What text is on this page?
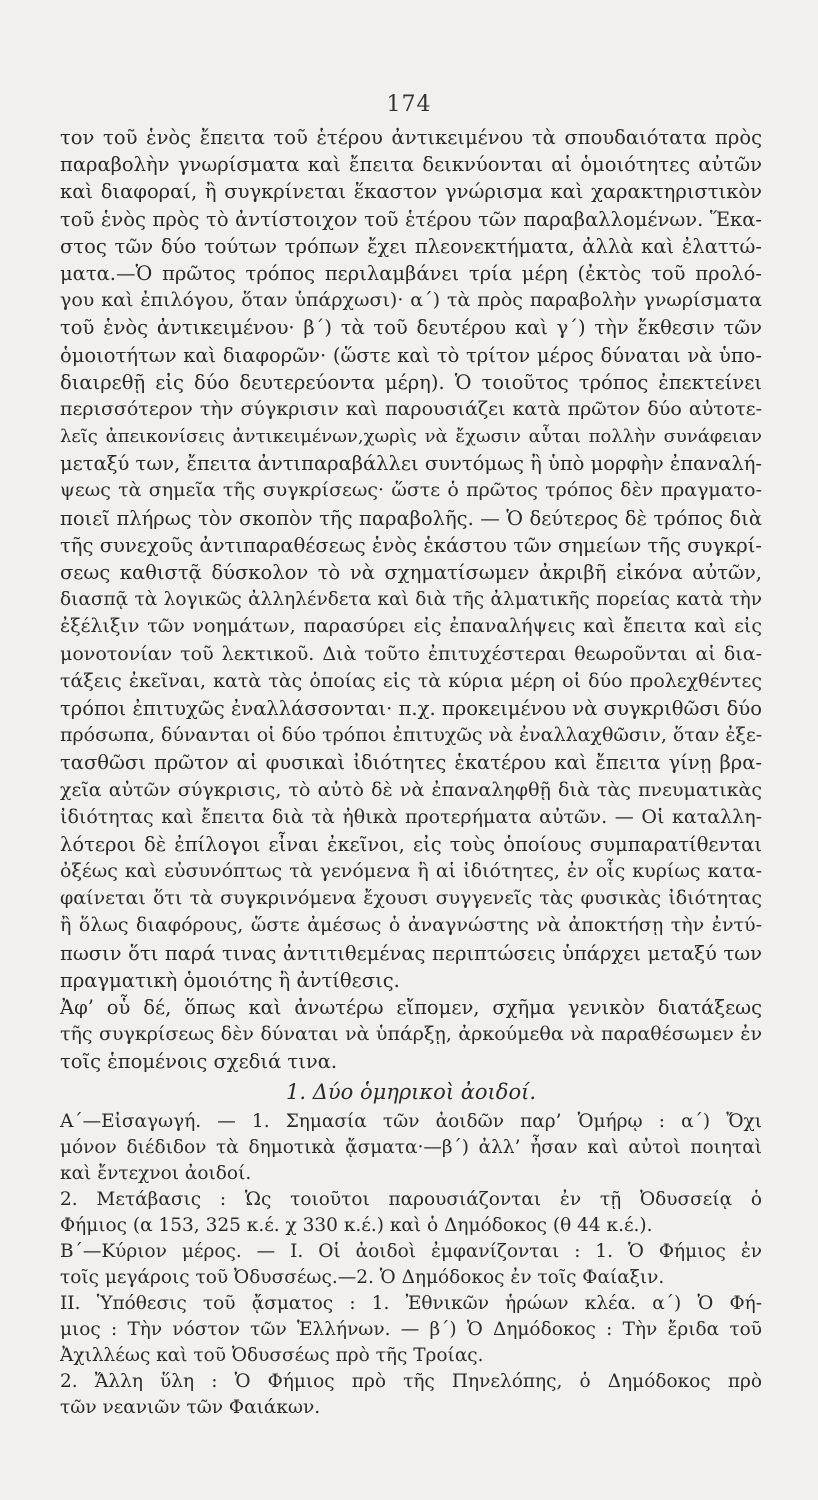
174
τον τοῦ ἑνὸς ἔπειτα τοῦ ἑτέρου ἀντικειμένου τὰ σπουδαιότατα πρὸς
παραβολὴν γνωρίσματα καὶ ἔπειτα δεικνύονται αἱ ὁμοιότητες αὐτῶν
καὶ διαφοραί, ἢ συγκρίνεται ἕκαστον γνώρισμα καὶ χαρακτηριστικὸν
τοῦ ἑνὸς πρὸς τὸ ἀντίστοιχον τοῦ ἑτέρου τῶν παραβαλλομένων. Ἕκα-
στος τῶν δύο τούτων τρόπων ἔχει πλεονεκτήματα, ἀλλὰ καὶ ἐλαττώ-
ματα.—Ὁ πρῶτος τρόπος περιλαμβάνει τρία μέρη (ἐκτὸς τοῦ προλό-
γου καὶ ἐπιλόγου, ὅταν ὑπάρχωσι)· α΄) τὰ πρὸς παραβολὴν γνωρίσματα
τοῦ ἑνὸς ἀντικειμένου· β΄) τὰ τοῦ δευτέρου καὶ γ΄) τὴν ἔκθεσιν τῶν
ὁμοιοτήτων καὶ διαφορῶν· (ὥστε καὶ τὸ τρίτον μέρος δύναται νὰ ὑπο-
διαιρεθῇ εἰς δύο δευτερεύοντα μέρη). Ὁ τοιοῦτος τρόπος ἐπεκτείνει
περισσότερον τὴν σύγκρισιν καὶ παρουσιάζει κατὰ πρῶτον δύο αὐτοτε-
λεῖς ἀπεικονίσεις ἀντικειμένων,χωρὶς νὰ ἔχωσιν αὗται πολλὴν συνάφειαν
μεταξύ των, ἔπειτα ἀντιπαραβάλλει συντόμως ἢ ὑπὸ μορφὴν ἐπαναλή-
ψεως τὰ σημεῖα τῆς συγκρίσεως· ὥστε ὁ πρῶτος τρόπος δὲν πραγματο-
ποιεῖ πλήρως τὸν σκοπὸν τῆς παραβολῆς. — Ὁ δεύτερος δὲ τρόπος διὰ
τῆς συνεχοῦς ἀντιπαραθέσεως ἑνὸς ἑκάστου τῶν σημείων τῆς συγκρί-
σεως καθιστᾷ δύσκολον τὸ νὰ σχηματίσωμεν ἀκριβῆ εἰκόνα αὐτῶν,
διασπᾷ τὰ λογικῶς ἀλληλένδετα καὶ διὰ τῆς ἀλματικῆς πορείας κατὰ τὴν
ἐξέλιξιν τῶν νοημάτων, παρασύρει εἰς ἐπαναλήψεις καὶ ἔπειτα καὶ εἰς
μονοτονίαν τοῦ λεκτικοῦ. Διὰ τοῦτο ἐπιτυχέστεραι θεωροῦνται αἱ δια-
τάξεις ἐκεῖναι, κατὰ τὰς ὁποίας εἰς τὰ κύρια μέρη οἱ δύο προλεχθέντες
τρόποι ἐπιτυχῶς ἐναλλάσσονται· π.χ. προκειμένου νὰ συγκριθῶσι δύο
πρόσωπα, δύνανται οἱ δύο τρόποι ἐπιτυχῶς νὰ ἐναλλαχθῶσιν, ὅταν ἐξε-
τασθῶσι πρῶτον αἱ φυσικαὶ ἰδιότητες ἑκατέρου καὶ ἔπειτα γίνῃ βρα-
χεῖα αὐτῶν σύγκρισις, τὸ αὐτὸ δὲ νὰ ἐπαναληφθῇ διὰ τὰς πνευματικὰς
ἰδιότητας καὶ ἔπειτα διὰ τὰ ἠθικὰ προτερήματα αὐτῶν. — Οἱ καταλλη-
λότεροι δὲ ἐπίλογοι εἶναι ἐκεῖνοι, εἰς τοὺς ὁποίους συμπαρατίθενται
ὀξέως καὶ εὐσυνόπτως τὰ γενόμενα ἢ αἱ ἰδιότητες, ἐν οἷς κυρίως κατα-
φαίνεται ὅτι τὰ συγκρινόμενα ἔχουσι συγγενεῖς τὰς φυσικὰς ἰδιότητας
ἢ ὅλως διαφόρους, ὥστε ἀμέσως ὁ ἀναγνώστης νὰ ἀποκτήσῃ τὴν ἐντύ-
πωσιν ὅτι παρά τινας ἀντιτιθεμένας περιπτώσεις ὑπάρχει μεταξύ των
πραγματικὴ ὁμοιότης ἢ ἀντίθεσις.
Ἀφ’ οὗ δέ, ὅπως καὶ ἀνωτέρω εἴπομεν, σχῆμα γενικὸν διατάξεως
τῆς συγκρίσεως δὲν δύναται νὰ ὑπάρξῃ, ἀρκούμεθα νὰ παραθέσωμεν ἐν
τοῖς ἑπομένοις σχεδιά τινα.
1. Δύο ὁμηρικοὶ ἀοιδοί.
Α΄—Εἰσαγωγή. — 1. Σημασία τῶν ἀοιδῶν παρ’ Ὁμήρῳ : α΄) Ὄχι
μόνον διέδιδον τὰ δημοτικὰ ᾄσματα·—β΄) ἀλλ’ ἦσαν καὶ αὐτοὶ ποιηταὶ
καὶ ἔντεχνοι ἀοιδοί.
2. Μετάβασις : Ὡς τοιοῦτοι παρουσιάζονται ἐν τῇ Ὀδυσσείᾳ ὁ
Φήμιος (α 153, 325 κ.έ. χ 330 κ.έ.) καὶ ὁ Δημόδοκος (θ 44 κ.έ.).
Β΄—Κύριον μέρος. — Ι. Οἱ ἀοιδοὶ ἐμφανίζονται : 1. Ὁ Φήμιος ἐν
τοῖς μεγάροις τοῦ Ὀδυσσέως.—2. Ὁ Δημόδοκος ἐν τοῖς Φαίαξιν.
ΙΙ. Ὑπόθεσις τοῦ ᾄσματος : 1. Ἐθνικῶν ἡρώων κλέα. α΄) Ὁ Φή-
μιος : Τὴν νόστον τῶν Ἑλλήνων. — β΄) Ὁ Δημόδοκος : Τὴν ἔριδα τοῦ
Ἀχιλλέως καὶ τοῦ Ὀδυσσέως πρὸ τῆς Τροίας.
2. Ἄλλη ὕλη : Ὁ Φήμιος πρὸ τῆς Πηνελόπης, ὁ Δημόδοκος πρὸ
τῶν νεανιῶν τῶν Φαιάκων.
